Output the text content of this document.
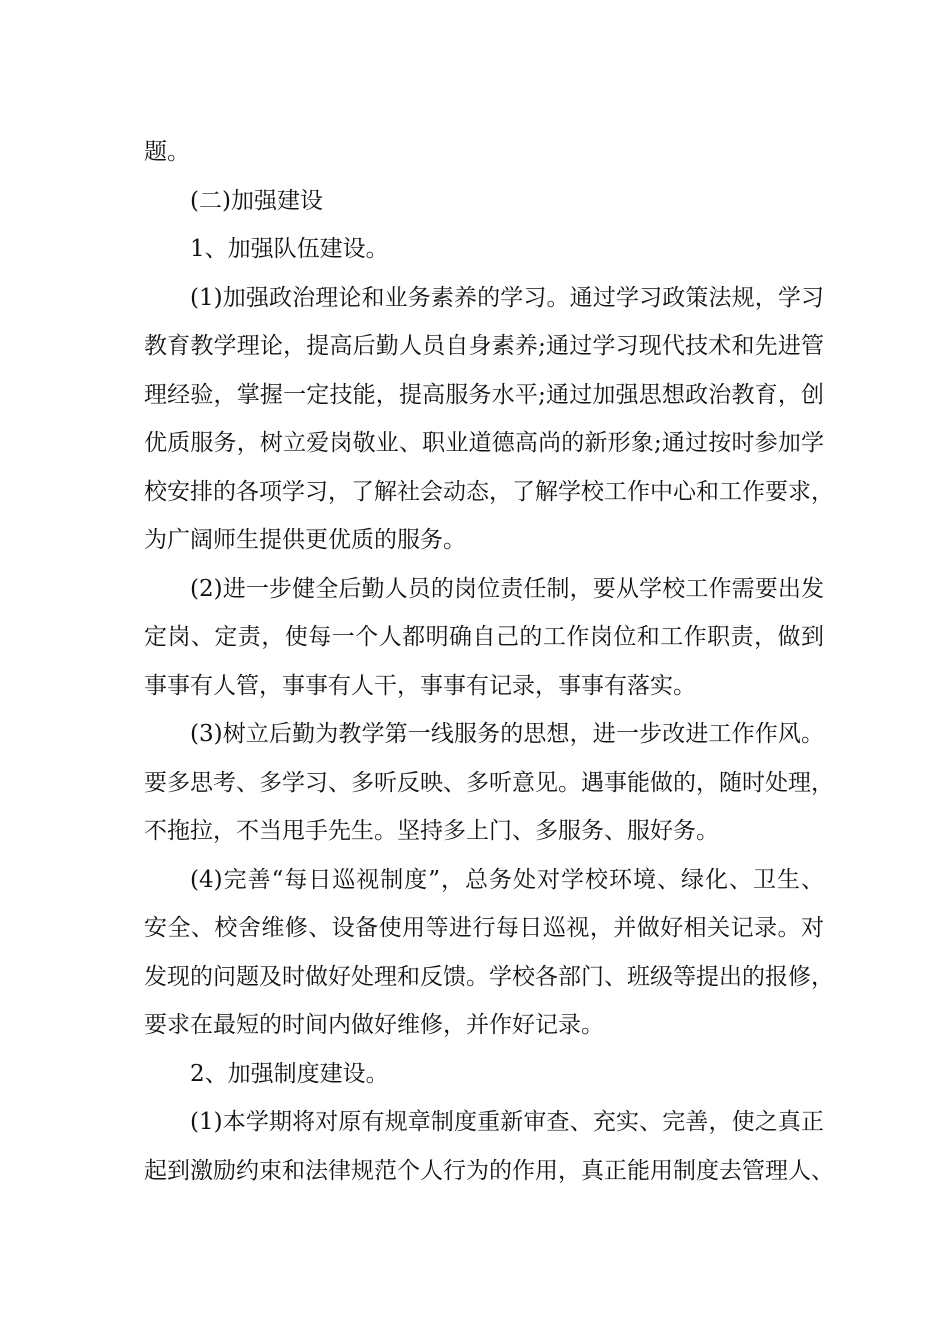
题。

(二)加强建设

1、加强队伍建设。

(1)加强政治理论和业务素养的学习。通过学习政策法规，学习
教育教学理论，提高后勤人员自身素养;通过学习现代技术和先进管
理经验，掌握一定技能，提高服务水平;通过加强思想政治教育，创
优质服务，树立爱岗敬业、职业道德高尚的新形象;通过按时参加学
校安排的各项学习，了解社会动态，了解学校工作中心和工作要求，
为广阔师生提供更优质的服务。

(2)进一步健全后勤人员的岗位责任制，要从学校工作需要出发
定岗、定责，使每一个人都明确自己的工作岗位和工作职责，做到
事事有人管，事事有人干，事事有记录，事事有落实。

(3)树立后勤为教学第一线服务的思想，进一步改进工作作风。
要多思考、多学习、多听反映、多听意见。遇事能做的，随时处理，
不拖拉，不当甩手先生。坚持多上门、多服务、服好务。

(4)完善“每日巡视制度”，总务处对学校环境、绿化、卫生、
安全、校舍维修、设备使用等进行每日巡视，并做好相关记录。对
发现的问题及时做好处理和反馈。学校各部门、班级等提出的报修，
要求在最短的时间内做好维修，并作好记录。

2、加强制度建设。

(1)本学期将对原有规章制度重新审查、充实、完善，使之真正
起到激励约束和法律规范个人行为的作用，真正能用制度去管理人、
